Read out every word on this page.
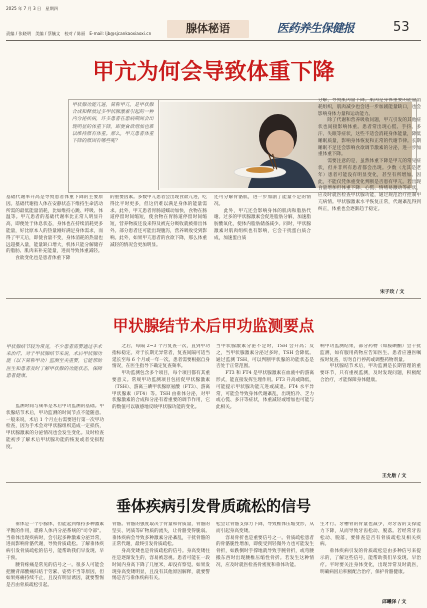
2025 年 7 月 3 日　星期四
责编 / 张晓明　美编 / 蔡毓文　校对 / 陈丽　E-mail: ljb@sjcankaoxiaoxi.cn	腺体秘语	医药养生保健报	53
甲亢为何会导致体重下降
甲状腺功能亢进，简称甲亢，是甲状腺合成和释放过多甲状腺激素引起的一种内分泌疾病，许多患者在患病期间会出现明显的体重下降，即便食欲增加也难以维持原有体重。那么，甲亢患者体重下降的原因有哪些呢？
基础代谢率升高是导致患者体重下降的主要原因。基础代谢指人体在安静状态下维持生命活动所需的最低能量消耗，比如维持心跳、呼吸、体温等。甲亢患者的基础代谢率比正常人明显升高，即便处于休息状态，身体也在持续消耗更多能量，好比原本人的热量刚好满足身体需求，而得了甲亢后，即使食量不变，身体消耗的热量也远超摄入量，能量缺口增大，机体只能分解储存的脂肪、肌肉来补充能量，进而导致体重减轻。
　　食欲变化也是患者体重下降
的重要因素。多数甲亢患者会出现食欲亢进，吃得比平时更多，但这仍难以满足身体的能量需求。此外，甲亢患者胃肠道蠕动加快，食物在肠道停留时间缩短，使食物在胃肠道停留时间缩短，营养物质还没来得及被充分吸收就被排出体外。部分患者还可能出现腹泻，营养吸收受到影响。此外，如果甲亢患者的食欲下降，那么体重减轻的情况会更加明显。
还可分解骨骼肌，进一步加剧了能量不足的情况。
　　此外，甲亢还会影响身体的肌肉和脂肪代谢。过多的甲状腺激素会促进脂肪分解，加速脂肪酸氧化，使体内脂肪储备减少。同时，甲状腺激素对肌肉组织也有影响，它会干扰蛋白质合成，加速蛋白质
分解，导致肌肉量下降。肌肉是身体重要的能量消耗组织，肌肉减少也会进一步加剧能量缺口，也会影响身体力量和运动能力。
　　除了代谢和营养吸收问题，甲亢引发的其他症状也间接影响体重。患者常出现心慌、手抖、多汗、失眠等症状，这些不适会消耗身体能量，降低睡眠质量，影响身体恢复和正常的代谢节律。长期睡眠不足还会影响食欲调节激素的分泌，进一步加重体重下降。
　　需要注意的是，虽然体重下降是甲亢的常见症状，但并非所有患者都会出现。少数（尤其是老年）患者可能没有明显变化，甚至有所增加。因此，不能仅凭体重变化判断是否患有甲亢。若出现食量增加但体重下降、心慌、情绪易激动等症状，应及时就医检查甲状腺功能，通过规范治疗控制甲亢病情。甲状腺激素水平恢复正常，代谢紊乱得到纠正，体重也会逐渐趋于稳定。
宋子玫 / 文
甲状腺结节术后甲功监测要点
甲状腺结节较为常见，不少患者需要通过手术来治疗。对于甲状腺结节来说，术后甲状腺功能（以下简称甲功）监测至关重要，它能帮助医生和患者及时了解甲状腺的功能状态，保障患者健康。
　　监测时间与频率是术后甲功监测的基础。甲状腺结节术后，甲功监测的时间节点不能随意。一般来说，术后 1 个月左右需要进行第一次甲功检查，因为手术会对甲状腺组织造成一定损伤，甲状腺激素的分泌情况也会发生变化。及时检查能初步了解术后甲状腺功能的恢复或者受损程度。
　　之后，每隔 2~3 个月复查一次，直到甲功指标稳定。对于长期无异常者，复查间隔可适当延长至每 6 个月或一年一次。患者需要根据自身情况，在医生指导下确定复查频率。
　　甲功监测包含多个项目，每个项目都有其重要意义。常规甲功监测项目包括促甲状腺激素（TSH）、游离三碘甲状腺原氨酸（FT3）、游离甲状腺素（FT4）等。TSH 由垂体分泌，对甲状腺激素的合成和分泌有着重要的调节作用，它的数值可以敏感地反映甲状腺功能的变化。
当甲状腺激素分泌不足时，TSH 会升高；反之，当甲状腺激素分泌过多时，TSH 会降低。通过监测 TSH，可以判断甲状腺的功能状态是否处于正常范围。
　　FT3 和 FT4 是甲状腺激素在血液中的游离形式，能直接发挥生理作用。FT3 升高或降低，可能提示甲状腺功能亢进或减退。FT4 水平异常，可能会导致身体代谢紊乱，出现怕冷、乏力或心慌、多汗等症状，体重减轻或增加也可能与此相关。
响甲功监测结果，部分药物（如胺碘酮）会干扰监测，如有服用药物应告知医生。患者应遵医嘱按时复查，切勿自行停药或调整药物剂量。
　　甲状腺结节术后，甲功监测是长期管理的重要环节，只有重视监测，及时发现问题，积极配合治疗，才能保障身体健康。
王允舫 / 文
垂体疾病引发骨质疏松的信号
　　垂体是一个小腺体，但能起到维持多种激素平衡的作用，堪称人体内分泌系统的"司令部"。当垂体出现疾病时，会引起多种激素分泌异常，进而影响骨骼代谢，导致骨质疏松。了解垂体疾病引发骨质疏松的信号，能帮助我们早发现、早干预。
　　腰背疼痛是常见的信号之一。很多人可能会把腰背部酸痛归结于劳累、姿势不当等原因，但如果疼痛持续不止，且没有明显诱因，就要警惕是否由骨质疏松引起。
骨骼。骨骼的强度取决于骨量和骨质量，骨骼的坚实、钙质等矿物质的流失，让骨骼变得脆弱。垂体疾病会导致多种激素分泌紊乱，干扰骨骼的正常代谢，最终引发骨质疏松。
　　身高变矮也是骨质疏松的信号。身高变矮往往是逐渐发生的，容易被忽视。患者可能在一段时间内身高下降了几厘米，却没有察觉。如果发现身高变矮明显，且没有其他原因解释，就要警惕是否与垂体疾病有关。
松会让骨骼支撑力下降，导致椎体压缩变形，从而引起身高变矮。
　　容易骨折也是重要信号之一。骨质疏松患者的骨骼脆性增加，即使受到轻微外力也可能发生骨折，如跌倒时手撑地就导致手腕骨折，或弯腰搬东西时出现腰椎压缩性骨折。若发生这种情况，应及时就医检查骨密度和垂体功能。
生才行。牙槽骨的骨量也减少，对牙齿的支撑能力下降，从而导致牙齿松动、脱落。若经常牙齿松动、脱落，要排查是否有骨质疏松及相关疾病。
　　垂体疾病引发的骨质疏松是由多种信号来提示的，了解这些信号，能帮助我们早发现、早治疗。平时要关注身体变化，出现异常及时就医，明确病因后积极配合治疗，保护骨骼健康。
邱曦泽 / 文
